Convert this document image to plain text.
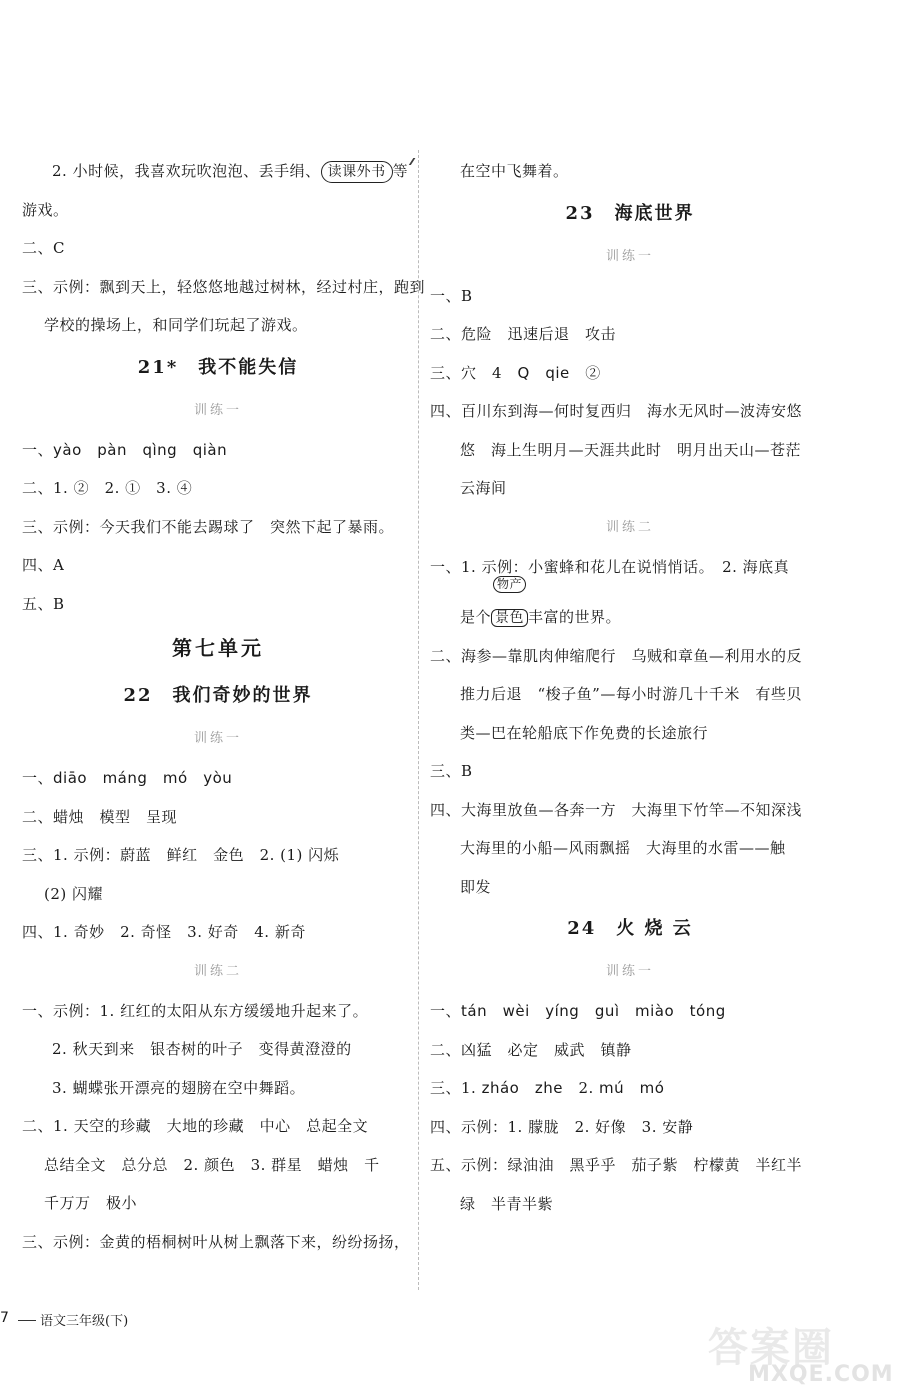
2. 小时候，我喜欢玩吹泡泡、丢手绢、 读课外书
⁄⁄⁄
等
游戏。
二、C
三、示例：飘到天上，轻悠悠地越过树林，经过村庄，跑到
学校的操场上，和同学们玩起了游戏。
21*　我不能失信
训练一
一、yào　pàn　qìng　qiàn
二、1. ②　2. ①　3. ④
三、示例：今天我们不能去踢球了　突然下起了暴雨。
四、A
五、B
第七单元
22　我们奇妙的世界
训练一
一、diāo　máng　mó　yòu
二、蜡烛　模型　呈现
三、1. 示例：蔚蓝　鲜红　金色　2. (1) 闪烁
(2) 闪耀
四、1. 奇妙　2. 奇怪　3. 好奇　4. 新奇
训练二
一、示例：1. 红红的太阳从东方缓缓地升起来了。
2. 秋天到来　银杏树的叶子　变得黄澄澄的
3. 蝴蝶张开漂亮的翅膀在空中舞蹈。
二、1. 天空的珍藏　大地的珍藏　中心　总起全文
总结全文　总分总　2. 颜色　3. 群星　蜡烛　千
千万万　极小
三、示例：金黄的梧桐树叶从树上飘落下来，纷纷扬扬，
在空中飞舞着。
23　海底世界
训练一
一、B
二、危险　迅速后退　攻击
三、穴　4　Q　qie　②
四、百川东到海—何时复西归　海水无风时—波涛安悠
悠　海上生明月—天涯共此时　明月出天山—苍茫
云海间
训练二
一、1. 示例：小蜜蜂和花儿在说悄悄话。　2. 海底真
是个
物产
景色 丰富的世界。
二、海参—靠肌肉伸缩爬行　乌贼和章鱼—利用水的反
推力后退　“梭子鱼”—每小时游几十千米　有些贝
类—巴在轮船底下作免费的长途旅行
三、B
四、大海里放鱼—各奔一方　大海里下竹竿—不知深浅
大海里的小船—风雨飘摇　大海里的水雷——触
即发
24　火 烧 云
训练一
一、tán　wèi　yíng　guì　miào　tóng
二、凶猛　必定　威武　镇静
三、1. zháo　zhe　2. mú　mó
四、示例：1. 朦胧　2. 好像　3. 安静
五、示例：绿油油　黑乎乎　茄子紫　柠檬黄　半红半
绿　半青半紫
7 语文三年级(下)
答案圈
MXQE.COM
